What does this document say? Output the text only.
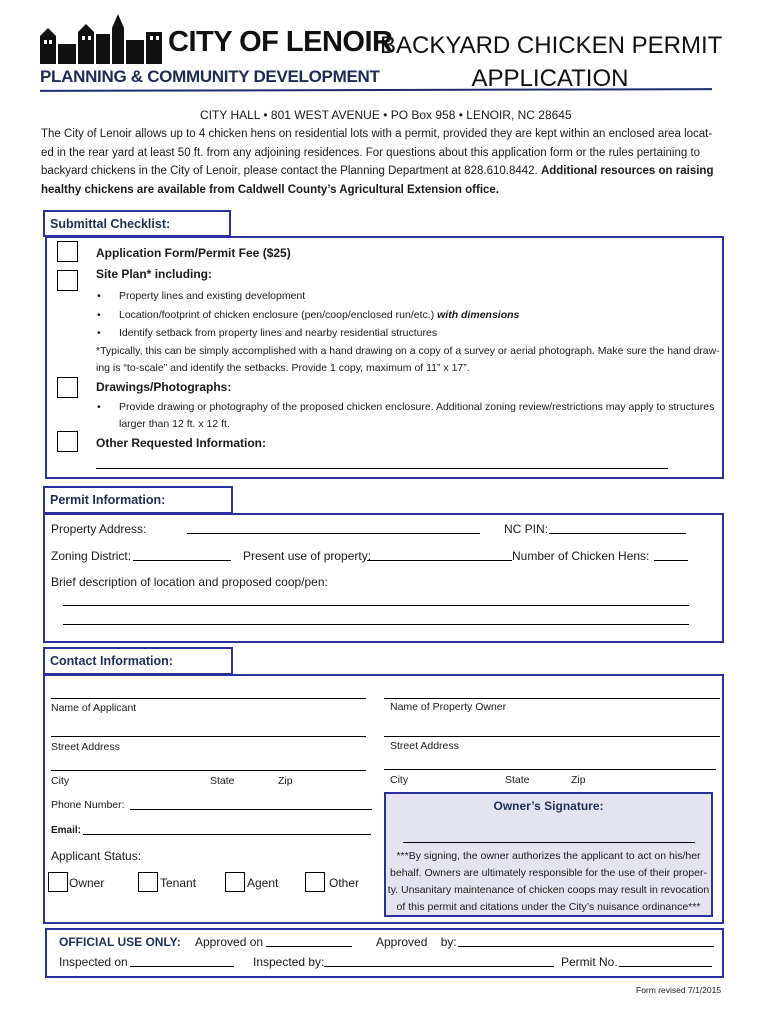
CITY OF LENOIR
PLANNING & COMMUNITY DEVELOPMENT
BACKYARD CHICKEN PERMIT
APPLICATION
CITY HALL • 801 WEST AVENUE • PO Box 958 • LENOIR, NC 28645
The City of Lenoir allows up to 4 chicken hens on residential lots with a permit, provided they are kept within an enclosed area locat-
ed in the rear yard at least 50 ft. from any adjoining residences. For questions about this application form or the rules pertaining to
backyard chickens in the City of Lenoir, please contact the Planning Department at 828.610.8442. Additional resources on raising
healthy chickens are available from Caldwell County’s Agricultural Extension office.
Submittal Checklist:
Application Form/Permit Fee ($25)
Site Plan* including:
• Property lines and existing development
• Location/footprint of chicken enclosure (pen/coop/enclosed run/etc.) with dimensions
• Identify setback from property lines and nearby residential structures
*Typically, this can be simply accomplished with a hand drawing on a copy of a survey or aerial photograph. Make sure the hand draw-
ing is “to-scale” and identify the setbacks. Provide 1 copy, maximum of 11” x 17”.
Drawings/Photographs:
• Provide drawing or photography of the proposed chicken enclosure. Additional zoning review/restrictions may apply to structures
larger than 12 ft. x 12 ft.
Other Requested Information:
Permit Information:
Property Address:	NC PIN:
Zoning District:	Present use of property:	Number of Chicken Hens:
Brief description of location and proposed coop/pen:
Contact Information:
Name of Applicant	Name of Property Owner
Street Address	Street Address
City	State	Zip	City	State	Zip
Phone Number:
Email:
Owner’s Signature:
***By signing, the owner authorizes the applicant to act on his/her
behalf. Owners are ultimately responsible for the use of their proper-
ty. Unsanitary maintenance of chicken coops may result in revocation
of this permit and citations under the City’s nuisance ordinance***
Applicant Status:
Owner	Tenant	Agent	Other
OFFICIAL USE ONLY: Approved on	Approved    by:
Inspected on	Inspected by:	Permit No.
Form revised 7/1/2015
